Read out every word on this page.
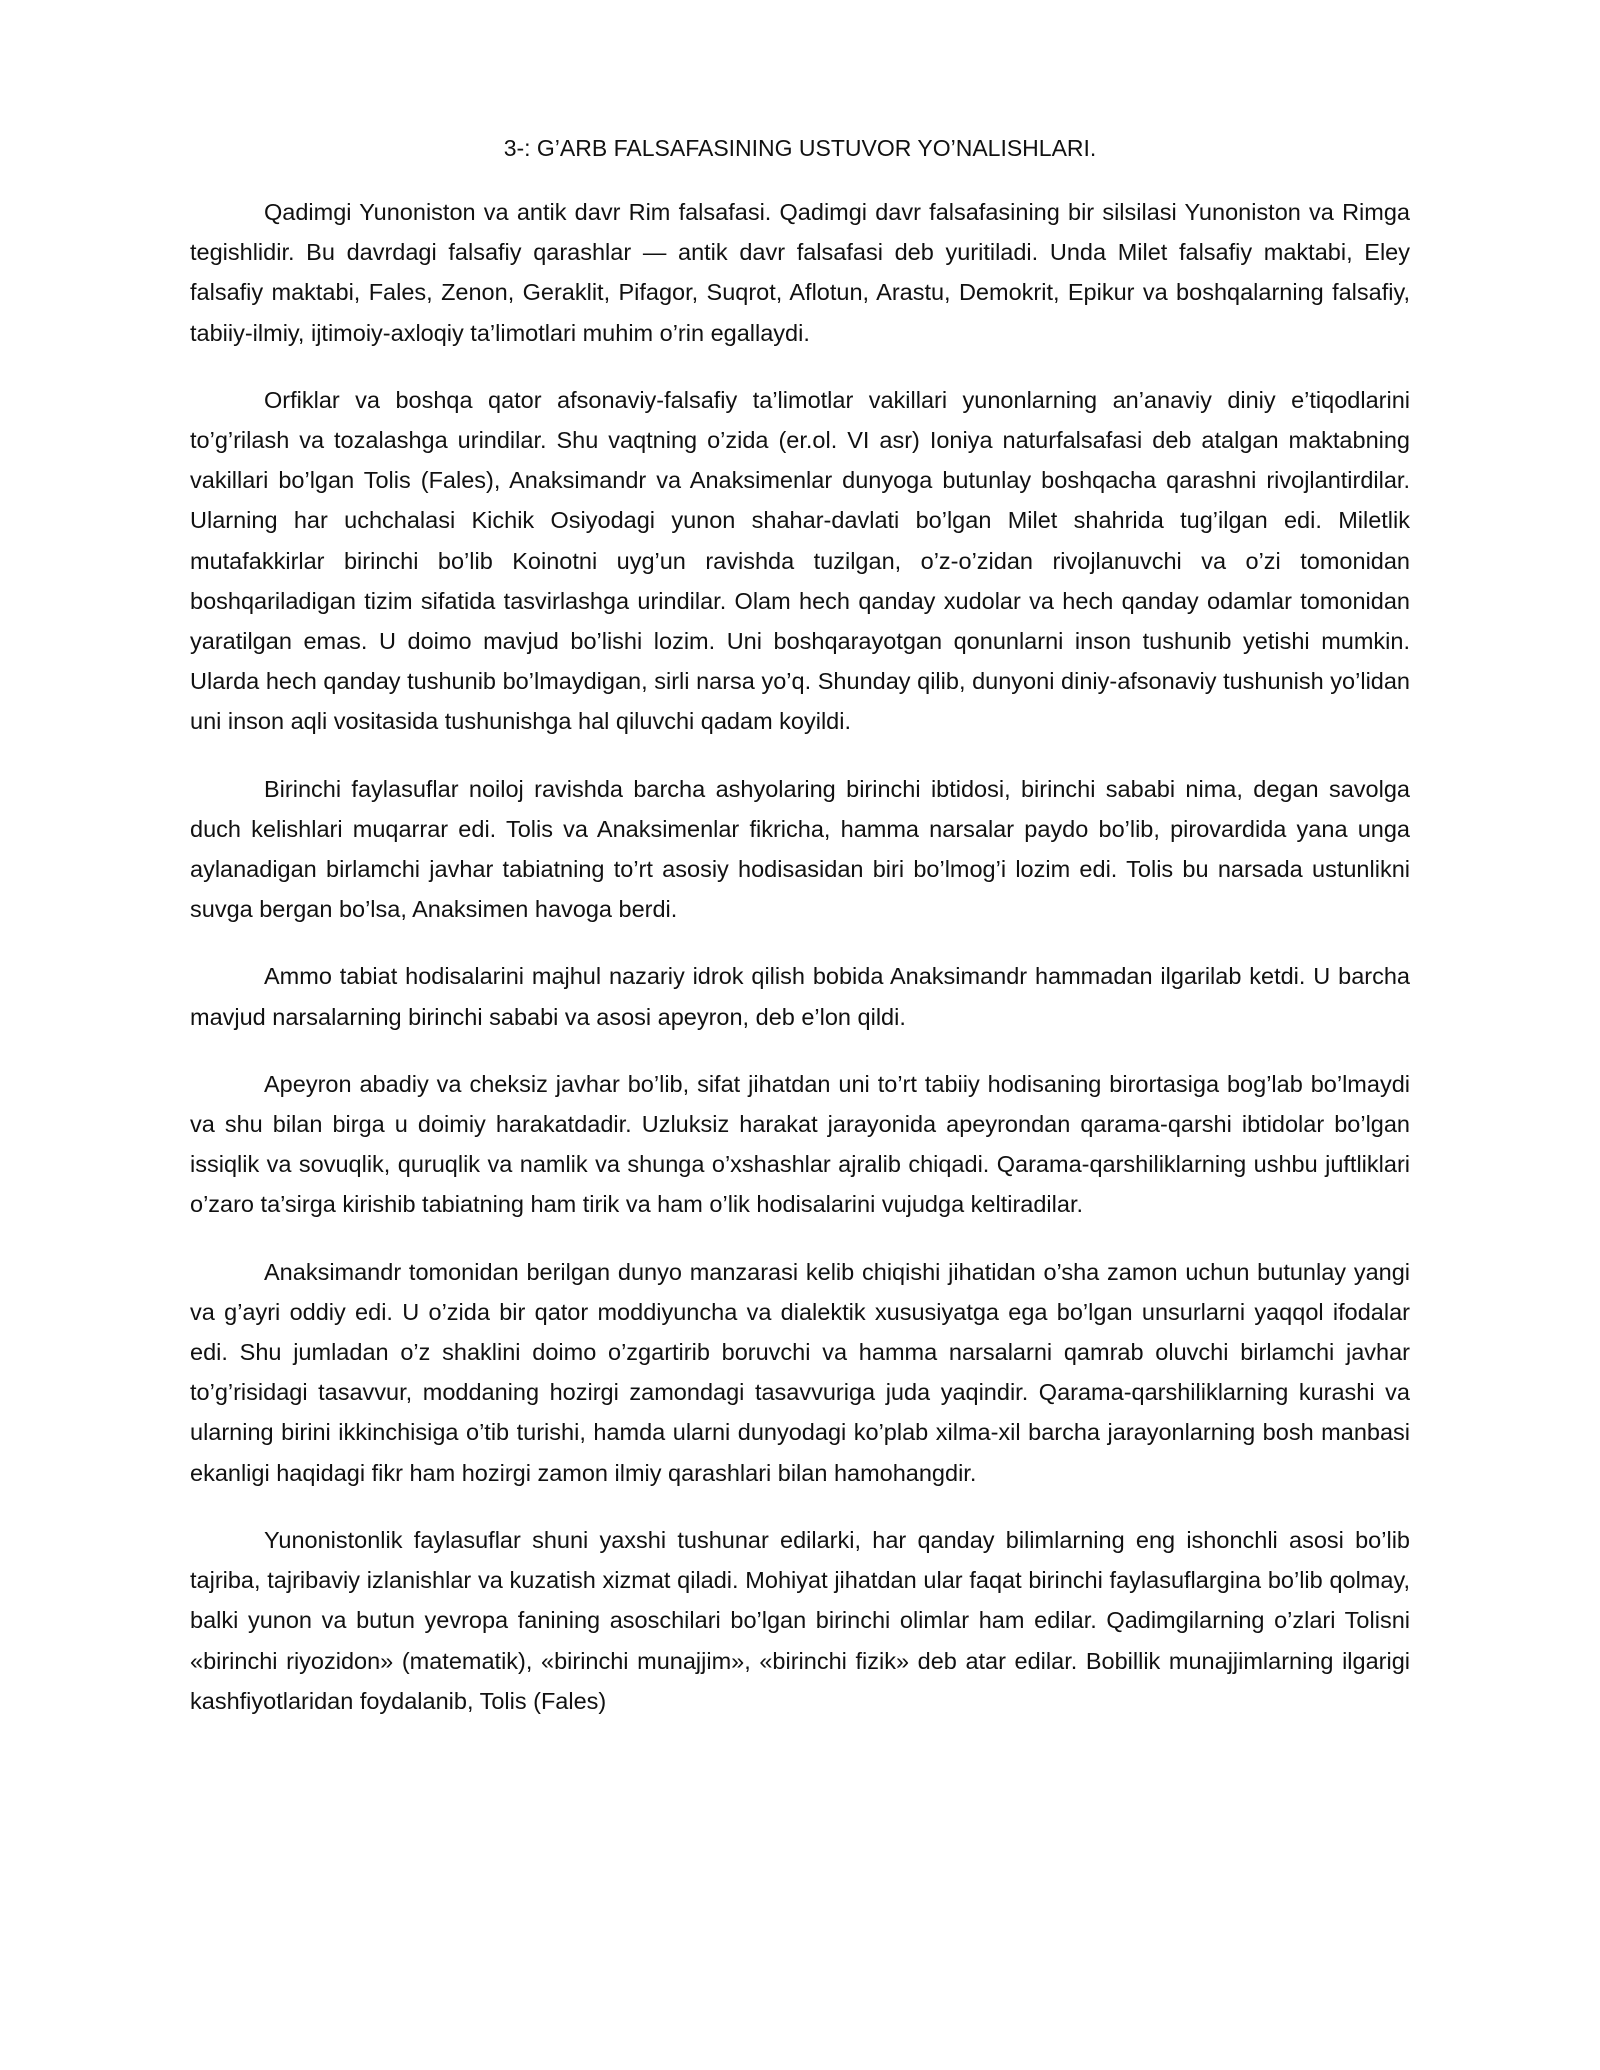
3-: G’ARB FALSAFASINING USTUVOR YO’NALISHLARI.

Qadimgi Yunoniston va antik davr Rim falsafasi. Qadimgi davr falsafasining bir silsilasi Yunoniston va Rimga tegishlidir. Bu davrdagi falsafiy qarashlar — antik davr falsafasi deb yuritiladi. Unda Milet falsafiy maktabi, Eley falsafiy maktabi, Fales, Zenon, Geraklit, Pifagor, Suqrot, Aflotun, Arastu, Demokrit, Epikur va boshqalarning falsafiy, tabiiy-ilmiy, ijtimoiy-axloqiy ta’limotlari muhim o’rin egallaydi.

Orfiklar va boshqa qator afsonaviy-falsafiy ta’limotlar vakillari yunonlarning an’anaviy diniy e’tiqodlarini to’g’rilash va tozalashga urindilar. Shu vaqtning o’zida (er.ol. VI asr) Ioniya naturfalsafasi deb atalgan maktabning vakillari bo’lgan Tolis (Fales), Anaksimandr va Anaksimenlar dunyoga butunlay boshqacha qarashni rivojlantirdilar. Ularning har uchchalasi Kichik Osiyodagi yunon shahar-davlati bo’lgan Milet shahrida tug’ilgan edi. Miletlik mutafakkirlar birinchi bo’lib Koinotni uyg’un ravishda tuzilgan, o’z-o’zidan rivojlanuvchi va o’zi tomonidan boshqariladigan tizim sifatida tasvirlashga urindilar. Olam hech qanday xudolar va hech qanday odamlar tomonidan yaratilgan emas. U doimo mavjud bo’lishi lozim. Uni boshqarayotgan qonunlarni inson tushunib yetishi mumkin. Ularda hech qanday tushunib bo’lmaydigan, sirli narsa yo’q. Shunday qilib, dunyoni diniy-afsonaviy tushunish yo’lidan uni inson aqli vositasida tushunishga hal qiluvchi qadam koyildi.

Birinchi faylasuflar noiloj ravishda barcha ashyolaring birinchi ibtidosi, birinchi sababi nima, degan savolga duch kelishlari muqarrar edi. Tolis va Anaksimenlar fikricha, hamma narsalar paydo bo’lib, pirovardida yana unga aylanadigan birlamchi javhar tabiatning to’rt asosiy hodisasidan biri bo’lmog’i lozim edi. Tolis bu narsada ustunlikni suvga bergan bo’lsa, Anaksimen havoga berdi.

Ammo tabiat hodisalarini majhul nazariy idrok qilish bobida Anaksimandr hammadan ilgarilab ketdi. U barcha mavjud narsalarning birinchi sababi va asosi apeyron, deb e’lon qildi.

Apeyron abadiy va cheksiz javhar bo’lib, sifat jihatdan uni to’rt tabiiy hodisaning birortasiga bog’lab bo’lmaydi va shu bilan birga u doimiy harakatdadir. Uzluksiz harakat jarayonida apeyrondan qarama-qarshi ibtidolar bo’lgan issiqlik va sovuqlik, quruqlik va namlik va shunga o’xshashlar ajralib chiqadi. Qarama-qarshiliklarning ushbu juftliklari o’zaro ta’sirga kirishib tabiatning ham tirik va ham o’lik hodisalarini vujudga keltiradilar.

Anaksimandr tomonidan berilgan dunyo manzarasi kelib chiqishi jihatidan o’sha zamon uchun butunlay yangi va g’ayri oddiy edi. U o’zida bir qator moddiyuncha va dialektik xususiyatga ega bo’lgan unsurlarni yaqqol ifodalar edi. Shu jumladan o’z shaklini doimo o’zgartirib boruvchi va hamma narsalarni qamrab oluvchi birlamchi javhar to’g’risidagi tasavvur, moddaning hozirgi zamondagi tasavvuriga juda yaqindir. Qarama-qarshiliklarning kurashi va ularning birini ikkinchisiga o’tib turishi, hamda ularni dunyodagi ko’plab xilma-xil barcha jarayonlarning bosh manbasi ekanligi haqidagi fikr ham hozirgi zamon ilmiy qarashlari bilan hamohangdir.

Yunonistonlik faylasuflar shuni yaxshi tushunar edilarki, har qanday bilimlarning eng ishonchli asosi bo’lib tajriba, tajribaviy izlanishlar va kuzatish xizmat qiladi. Mohiyat jihatdan ular faqat birinchi faylasuflargina bo’lib qolmay, balki yunon va butun yevropa fanining asoschilari bo’lgan birinchi olimlar ham edilar. Qadimgilarning o’zlari Tolisni «birinchi riyozidon» (matematik), «birinchi munajjim», «birinchi fizik» deb atar edilar. Bobillik munajjimlarning ilgarigi kashfiyotlaridan foydalanib, Tolis (Fales)
